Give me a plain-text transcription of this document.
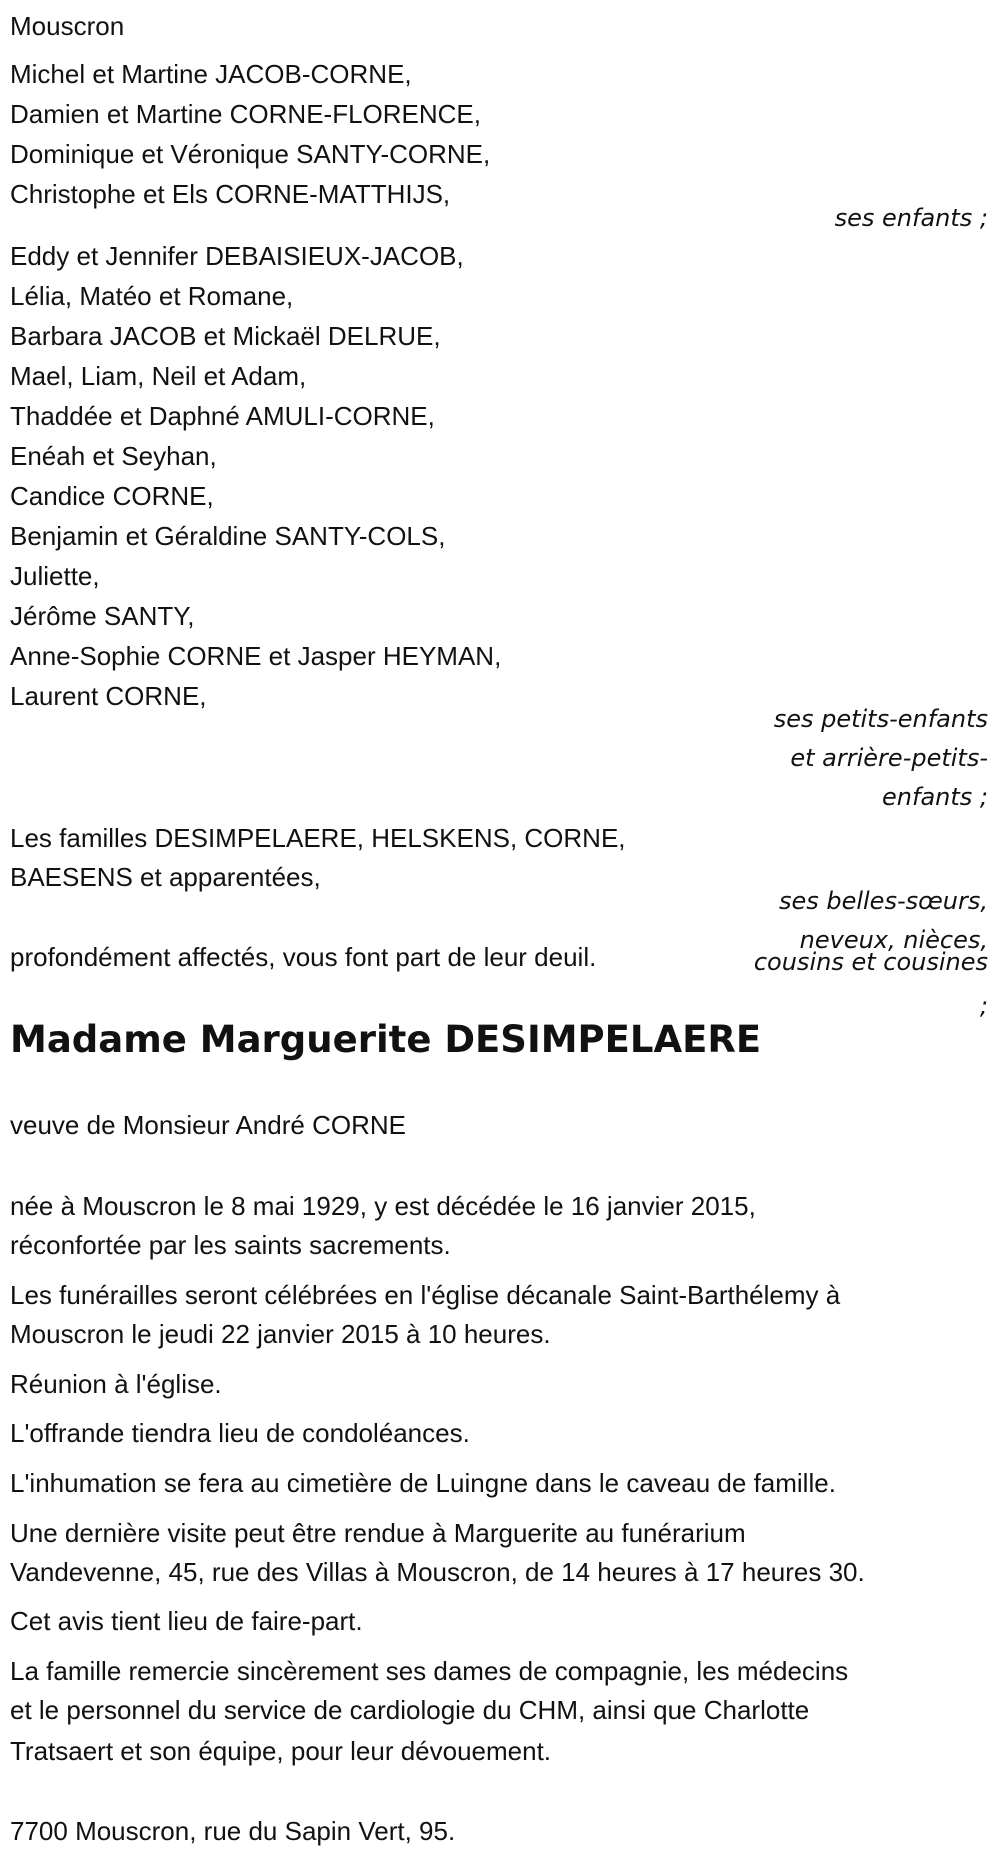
Mouscron
Michel et Martine JACOB-CORNE,
Damien et Martine CORNE-FLORENCE,
Dominique et Véronique SANTY-CORNE,
Christophe et Els CORNE-MATTHIJS,
ses enfants ;
Eddy et Jennifer DEBAISIEUX-JACOB,
Lélia, Matéo et Romane,
Barbara JACOB et Mickaël DELRUE,
Mael, Liam, Neil et Adam,
Thaddée et Daphné AMULI-CORNE,
Enéah et Seyhan,
Candice CORNE,
Benjamin et Géraldine SANTY-COLS,
Juliette,
Jérôme SANTY,
Anne-Sophie CORNE et Jasper HEYMAN,
Laurent CORNE,
ses petits-enfants
et arrière-petits-
enfants ;
Les familles DESIMPELAERE, HELSKENS, CORNE,
BAESENS et apparentées,
ses belles-sœurs,
neveux, nièces,
cousins et cousines
;
profondément affectés, vous font part de leur deuil.
Madame Marguerite DESIMPELAERE
veuve de Monsieur André CORNE
née à Mouscron le 8 mai 1929, y est décédée le 16 janvier 2015,
réconfortée par les saints sacrements.
Les funérailles seront célébrées en l'église décanale Saint-Barthélemy à
Mouscron le jeudi 22 janvier 2015 à 10 heures.
Réunion à l'église.
L'offrande tiendra lieu de condoléances.
L'inhumation se fera au cimetière de Luingne dans le caveau de famille.
Une dernière visite peut être rendue à Marguerite au funérarium
Vandevenne, 45, rue des Villas à Mouscron, de 14 heures à 17 heures 30.
Cet avis tient lieu de faire-part.
La famille remercie sincèrement ses dames de compagnie, les médecins
et le personnel du service de cardiologie du CHM, ainsi que Charlotte
Tratsaert et son équipe, pour leur dévouement.
7700 Mouscron, rue du Sapin Vert, 95.
